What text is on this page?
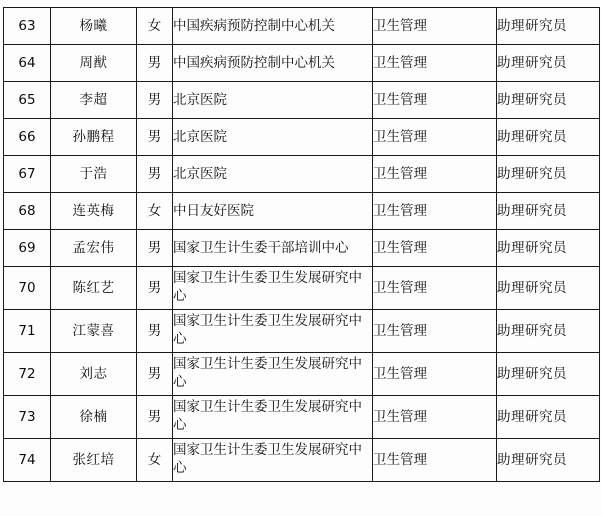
63	杨曦	女	中国疾病预防控制中心机关	卫生管理	助理研究员

64	周猷	男	中国疾病预防控制中心机关	卫生管理	助理研究员

65	李超	男	北京医院	卫生管理	助理研究员

66	孙鹏程	男	北京医院	卫生管理	助理研究员

67	于浩	男	北京医院	卫生管理	助理研究员

68	连英梅	女	中日友好医院	卫生管理	助理研究员

69	孟宏伟	男	国家卫生计生委干部培训中心	卫生管理	助理研究员

70	陈红艺	男	国家卫生计生委卫生发展研究中心	卫生管理	助理研究员

71	江蒙喜	男	国家卫生计生委卫生发展研究中心	卫生管理	助理研究员

72	刘志	男	国家卫生计生委卫生发展研究中心	卫生管理	助理研究员

73	徐楠	男	国家卫生计生委卫生发展研究中心	卫生管理	助理研究员

74	张红培	女	国家卫生计生委卫生发展研究中心	卫生管理	助理研究员
